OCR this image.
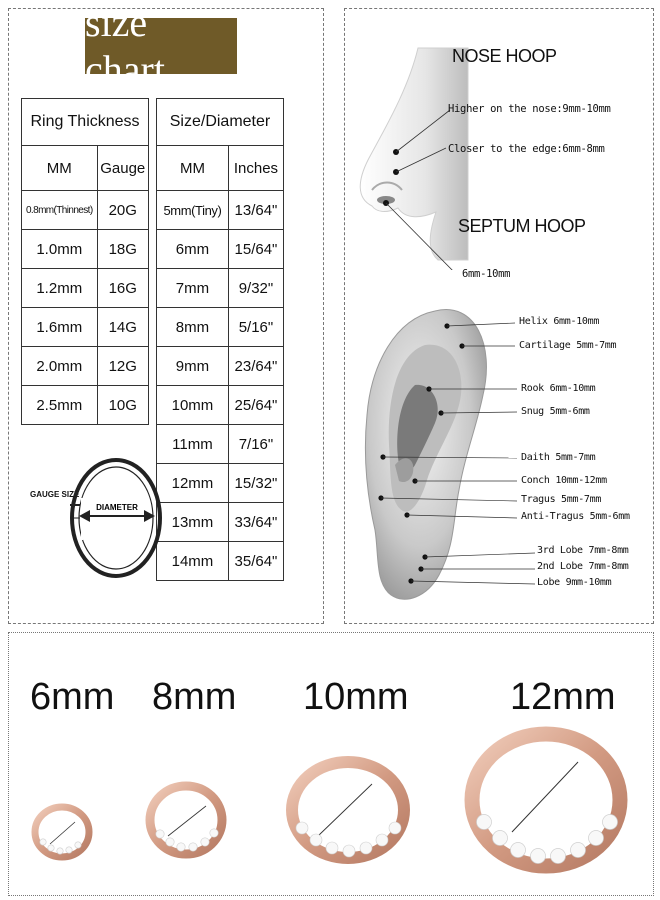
size chart
Ring Thickness	
MM	Gauge
0.8mm(Thinnest)	20G
1.0mm	18G
1.2mm	16G
1.6mm	14G
2.0mm	12G
2.5mm	10G
Size/Diameter	
MM	Inches
5mm(Tiny)	13/64"
6mm	15/64"
7mm	9/32"
8mm	5/16"
9mm	23/64"
10mm	25/64"
11mm	7/16"
12mm	15/32"
13mm	33/64"
14mm	35/64"
GAUGE SIZE
DIAMETER
NOSE HOOP
Higher on the nose:9mm-10mm
Closer to the edge:6mm-8mm
SEPTUM HOOP
6mm-10mm
Helix 6mm-10mm
Cartilage 5mm-7mm
Rook 6mm-10mm
Snug 5mm-6mm
Daith 5mm-7mm
Conch 10mm-12mm
Tragus 5mm-7mm
Anti-Tragus 5mm-6mm
3rd Lobe 7mm-8mm
2nd Lobe 7mm-8mm
Lobe 9mm-10mm
6mm 8mm 10mm	12mm
